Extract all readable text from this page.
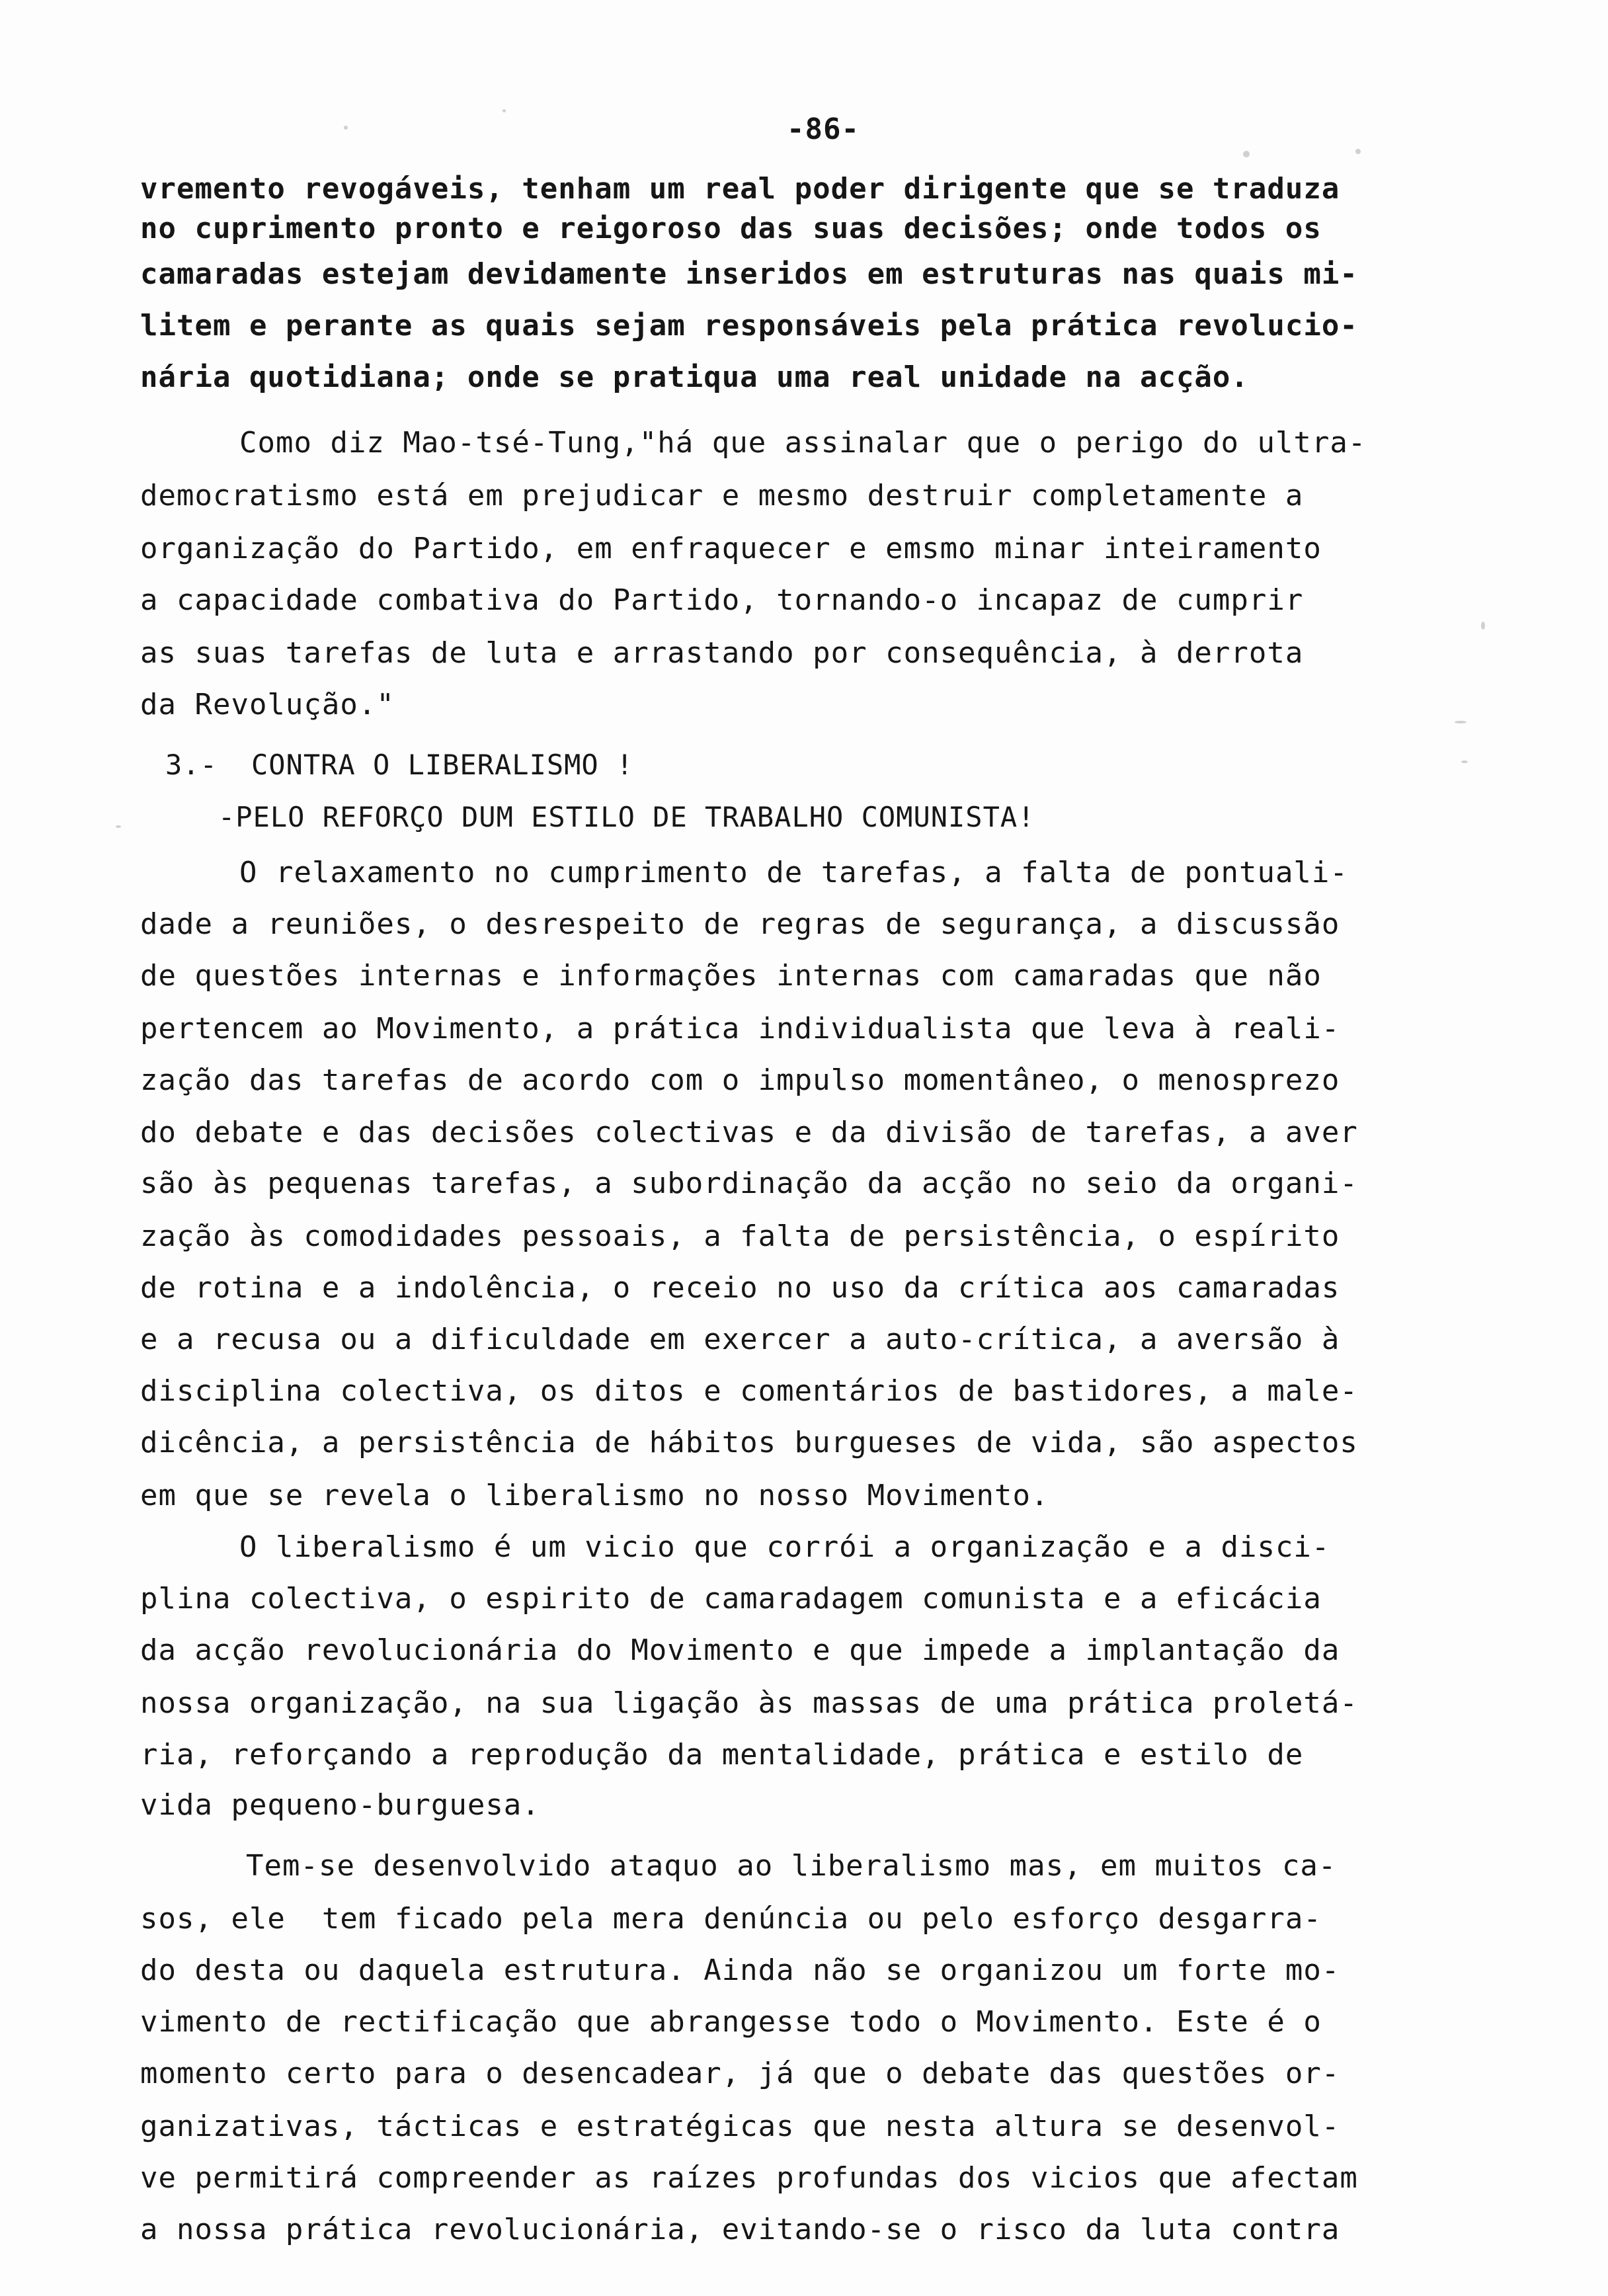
-86-
vremento revogáveis, tenham um real poder dirigente que se traduza
no cuprimento pronto e reigoroso das suas decisões; onde todos os
camaradas estejam devidamente inseridos em estruturas nas quais mi-
litem e perante as quais sejam responsáveis pela prática revolucio-
nária quotidiana; onde se pratiqua uma real unidade na acção.
Como diz Mao-tsé-Tung,"há que assinalar que o perigo do ultra-
democratismo está em prejudicar e mesmo destruir completamente a
organização do Partido, em enfraquecer e emsmo minar inteiramento
a capacidade combativa do Partido, tornando-o incapaz de cumprir
as suas tarefas de luta e arrastando por consequência, à derrota
da Revolução."
3.- CONTRA O LIBERALISMO !
-PELO REFORÇO DUM ESTILO DE TRABALHO COMUNISTA!
O relaxamento no cumprimento de tarefas, a falta de pontuali-
dade a reuniões, o desrespeito de regras de segurança, a discussão
de questões internas e informações internas com camaradas que não
pertencem ao Movimento, a prática individualista que leva à reali-
zação das tarefas de acordo com o impulso momentâneo, o menosprezo
do debate e das decisões colectivas e da divisão de tarefas, a aver
são às pequenas tarefas, a subordinação da acção no seio da organi-
zação às comodidades pessoais, a falta de persistência, o espírito
de rotina e a indolência, o receio no uso da crítica aos camaradas
e a recusa ou a dificuldade em exercer a auto-crítica, a aversão à
disciplina colectiva, os ditos e comentários de bastidores, a male-
dicência, a persistência de hábitos burgueses de vida, são aspectos
em que se revela o liberalismo no nosso Movimento.
O liberalismo é um vicio que corrói a organização e a disci-
plina colectiva, o espirito de camaradagem comunista e a eficácia
da acção revolucionária do Movimento e que impede a implantação da
nossa organização, na sua ligação às massas de uma prática proletá-
ria, reforçando a reprodução da mentalidade, prática e estilo de
vida pequeno-burguesa.
Tem-se desenvolvido ataquo ao liberalismo mas, em muitos ca-
sos, ele  tem ficado pela mera denúncia ou pelo esforço desgarra-
do desta ou daquela estrutura. Ainda não se organizou um forte mo-
vimento de rectificação que abrangesse todo o Movimento. Este é o
momento certo para o desencadear, já que o debate das questões or-
ganizativas, tácticas e estratégicas que nesta altura se desenvol-
ve permitirá compreender as raízes profundas dos vicios que afectam
a nossa prática revolucionária, evitando-se o risco da luta contra
